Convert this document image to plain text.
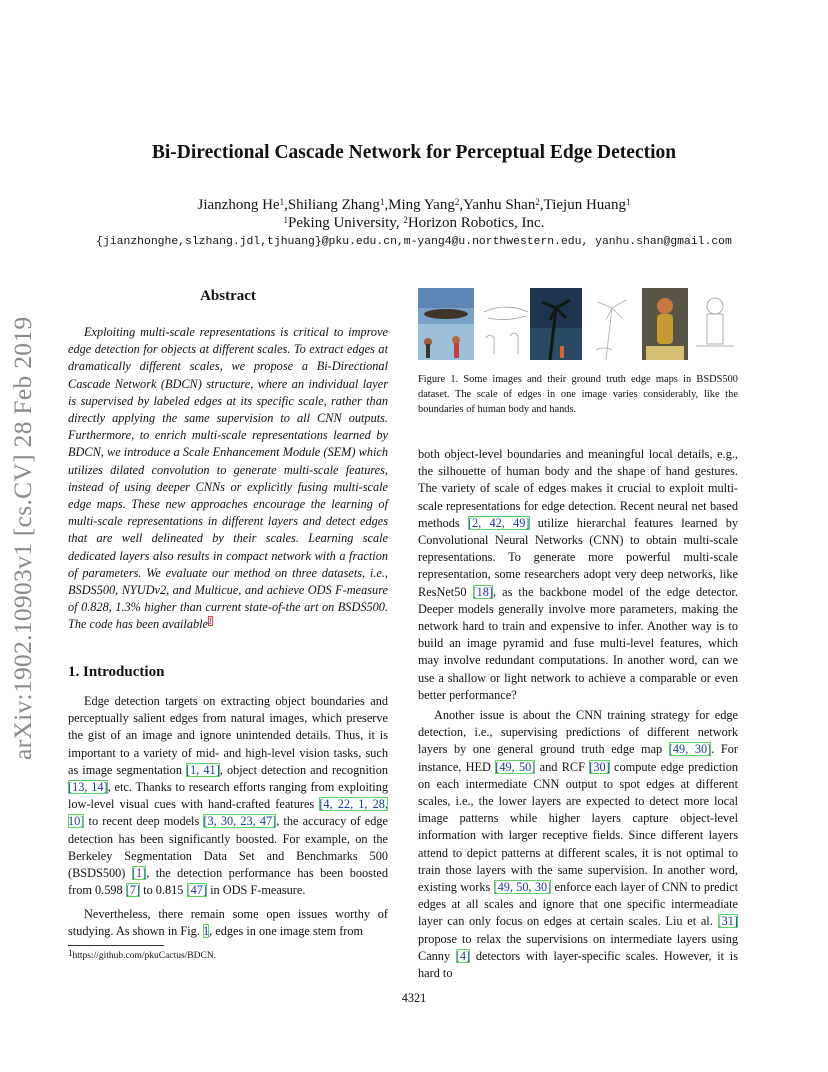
arXiv:1902.10903v1 [cs.CV] 28 Feb 2019
Bi-Directional Cascade Network for Perceptual Edge Detection
Jianzhong He$^1$,Shiliang Zhang$^1$,Ming Yang$^2$,Yanhu Shan$^2$,Tiejun Huang$^1$
$^1$Peking University, $^2$Horizon Robotics, Inc.
{jianzhonghe,slzhang.jdl,tjhuang}@pku.edu.cn,m-yang4@u.northwestern.edu, yanhu.shan@gmail.com
Abstract
Exploiting multi-scale representations is critical to improve edge detection for objects at different scales. To extract edges at dramatically different scales, we propose a Bi-Directional Cascade Network (BDCN) structure, where an individual layer is supervised by labeled edges at its specific scale, rather than directly applying the same supervision to all CNN outputs. Furthermore, to enrich multi-scale representations learned by BDCN, we introduce a Scale Enhancement Module (SEM) which utilizes dilated convolution to generate multi-scale features, instead of using deeper CNNs or explicitly fusing multi-scale edge maps. These new approaches encourage the learning of multi-scale representations in different layers and detect edges that are well delineated by their scales. Learning scale dedicated layers also results in compact network with a fraction of parameters. We evaluate our method on three datasets, i.e., BSDS500, NYUDv2, and Multicue, and achieve ODS F-measure of 0.828, 1.3% higher than current state-of-the art on BSDS500. The code has been available$^1$
1. Introduction
Edge detection targets on extracting object boundaries and perceptually salient edges from natural images, which preserve the gist of an image and ignore unintended details. Thus, it is important to a variety of mid- and high-level vision tasks, such as image segmentation [1, 41], object detection and recognition [13, 14], etc. Thanks to research efforts ranging from exploiting low-level visual cues with hand-crafted features [4, 22, 1, 28, 10] to recent deep models [3, 30, 23, 47], the accuracy of edge detection has been significantly boosted. For example, on the Berkeley Segmentation Data Set and Benchmarks 500 (BSDS500) [1], the detection performance has been boosted from 0.598 [7] to 0.815 [47] in ODS F-measure.
Nevertheless, there remain some open issues worthy of studying. As shown in Fig. 1, edges in one image stem from
$^1$https://github.com/pkuCactus/BDCN.
Figure 1. Some images and their ground truth edge maps in BSDS500 dataset. The scale of edges in one image varies considerably, like the boundaries of human body and hands.
both object-level boundaries and meaningful local details, e.g., the silhouette of human body and the shape of hand gestures. The variety of scale of edges makes it crucial to exploit multi-scale representations for edge detection. Recent neural net based methods [2, 42, 49] utilize hierarchal features learned by Convolutional Neural Networks (CNN) to obtain multi-scale representations. To generate more powerful multi-scale representation, some researchers adopt very deep networks, like ResNet50 [18], as the backbone model of the edge detector. Deeper models generally involve more parameters, making the network hard to train and expensive to infer. Another way is to build an image pyramid and fuse multi-level features, which may involve redundant computations. In another word, can we use a shallow or light network to achieve a comparable or even better performance?
Another issue is about the CNN training strategy for edge detection, i.e., supervising predictions of different network layers by one general ground truth edge map [49, 30]. For instance, HED [49, 50] and RCF [30] compute edge prediction on each intermediate CNN output to spot edges at different scales, i.e., the lower layers are expected to detect more local image patterns while higher layers capture object-level information with larger receptive fields. Since different layers attend to depict patterns at different scales, it is not optimal to train those layers with the same supervision. In another word, existing works [49, 50, 30] enforce each layer of CNN to predict edges at all scales and ignore that one specific intermeadiate layer can only focus on edges at certain scales. Liu et al. [31] propose to relax the supervisions on intermediate layers using Canny [4] detectors with layer-specific scales. However, it is hard to
4321
